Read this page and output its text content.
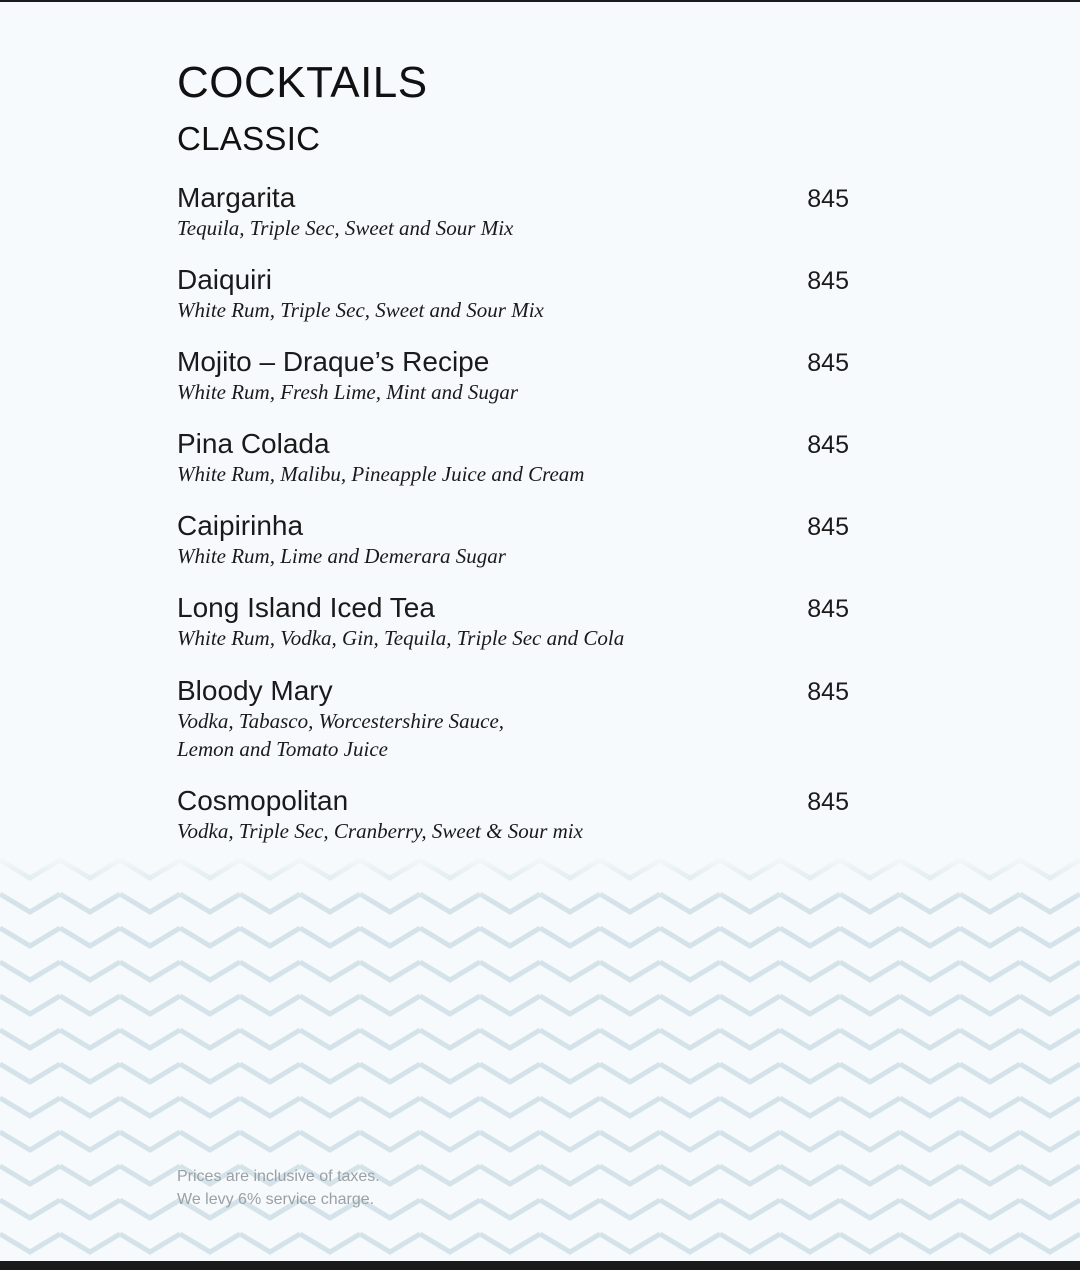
COCKTAILS
CLASSIC
Margarita
Tequila, Triple Sec, Sweet and Sour Mix
845
Daiquiri
White Rum, Triple Sec, Sweet and Sour Mix
845
Mojito – Draque’s Recipe
White Rum, Fresh Lime, Mint and Sugar
845
Pina Colada
White Rum, Malibu, Pineapple Juice and Cream
845
Caipirinha
White Rum, Lime and Demerara Sugar
845
Long Island Iced Tea
White Rum, Vodka, Gin, Tequila, Triple Sec and Cola
845
Bloody Mary
Vodka, Tabasco, Worcestershire Sauce,
Lemon and Tomato Juice
845
Cosmopolitan
Vodka, Triple Sec, Cranberry, Sweet & Sour mix
845
Prices are inclusive of taxes.
We levy 6% service charge.
